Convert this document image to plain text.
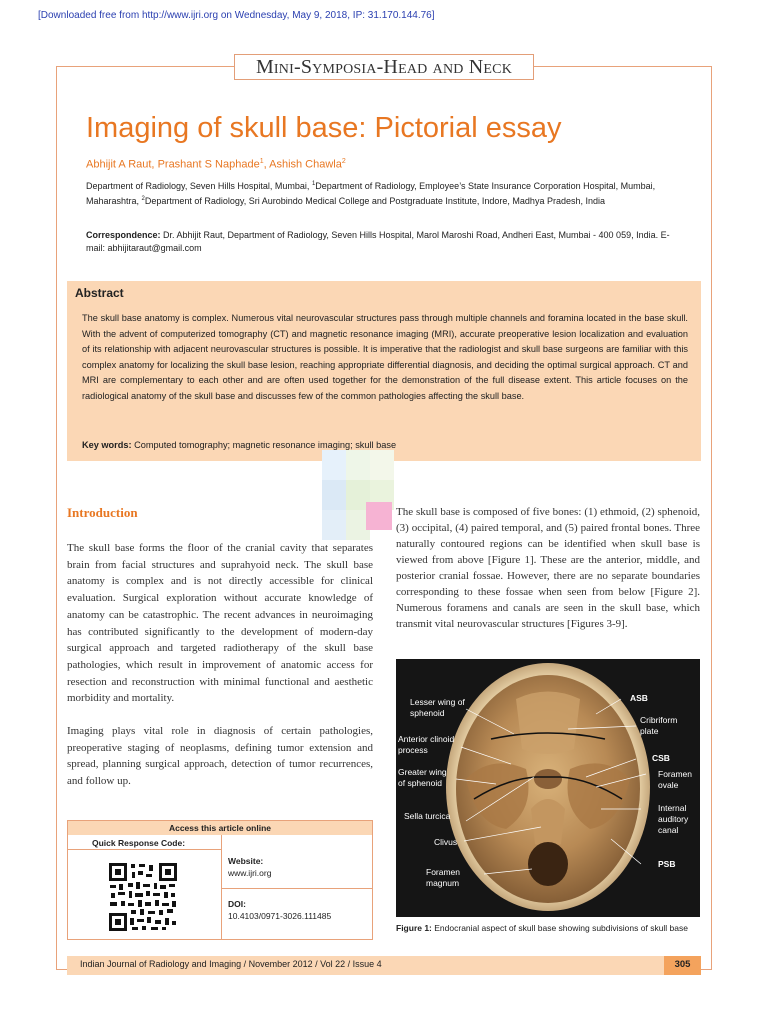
[Downloaded free from http://www.ijri.org on Wednesday, May 9, 2018, IP: 31.170.144.76]
Mini-Symposia-Head and Neck
Imaging of skull base: Pictorial essay
Abhijit A Raut, Prashant S Naphade$^1$, Ashish Chawla$^2$
Department of Radiology, Seven Hills Hospital, Mumbai, $^1$Department of Radiology, Employee’s State Insurance Corporation Hospital, Mumbai, Maharashtra, $^2$Department of Radiology, Sri Aurobindo Medical College and Postgraduate Institute, Indore, Madhya Pradesh, India
Correspondence: Dr. Abhijit Raut, Department of Radiology, Seven Hills Hospital, Marol Maroshi Road, Andheri East, Mumbai - 400 059, India. E-mail: abhijitaraut@gmail.com
Abstract
The skull base anatomy is complex. Numerous vital neurovascular structures pass through multiple channels and foramina located in the base skull. With the advent of computerized tomography (CT) and magnetic resonance imaging (MRI), accurate preoperative lesion localization and evaluation of its relationship with adjacent neurovascular structures is possible. It is imperative that the radiologist and skull base surgeons are familiar with this complex anatomy for localizing the skull base lesion, reaching appropriate differential diagnosis, and deciding the optimal surgical approach. CT and MRI are complementary to each other and are often used together for the demonstration of the full disease extent. This article focuses on the radiological anatomy of the skull base and discusses few of the common pathologies affecting the skull base.
Key words: Computed tomography; magnetic resonance imaging; skull base
Introduction

The skull base forms the floor of the cranial cavity that separates brain from facial structures and suprahyoid neck. The skull base anatomy is complex and is not directly accessible for clinical evaluation. Surgical exploration without accurate knowledge of anatomy can be catastrophic. The recent advances in neuroimaging has contributed significantly to the development of modern-day surgical approach and targeted radiotherapy of the skull base pathologies, which result in improvement of anatomic access for resection and reconstruction with minimal functional and aesthetic morbidity and mortality.

Imaging plays vital role in diagnosis of certain pathologies, preoperative staging of neoplasms, defining tumor extension and spread, planning surgical approach, detection of tumor recurrences, and follow up.

The skull base is composed of five bones: (1) ethmoid, (2) sphenoid, (3) occipital, (4) paired temporal, and (5) paired frontal bones. Three naturally contoured regions can be identified when skull base is viewed from above [Figure 1]. These are the anterior, middle, and posterior cranial fossae. However, there are no separate boundaries corresponding to these fossae when seen from below [Figure 2]. Numerous foramens and canals are seen in the skull base, which transmit vital neurovascular structures [Figures 3-9].
Access this article online
Quick Response Code:
Website:
www.ijri.org
DOI:
10.4103/0971-3026.111485
Lesser wing of
sphenoid
Anterior clinoid
process
Greater wing
of sphenoid
Sella turcica
Clivus
Foramen
magnum
ASB
Cribriform
plate
CSB
Foramen
ovale
Internal
auditory
canal
PSB
Figure 1: Endocranial aspect of skull base showing subdivisions of skull base
Indian Journal of Radiology and Imaging / November 2012 / Vol 22 / Issue 4	305
